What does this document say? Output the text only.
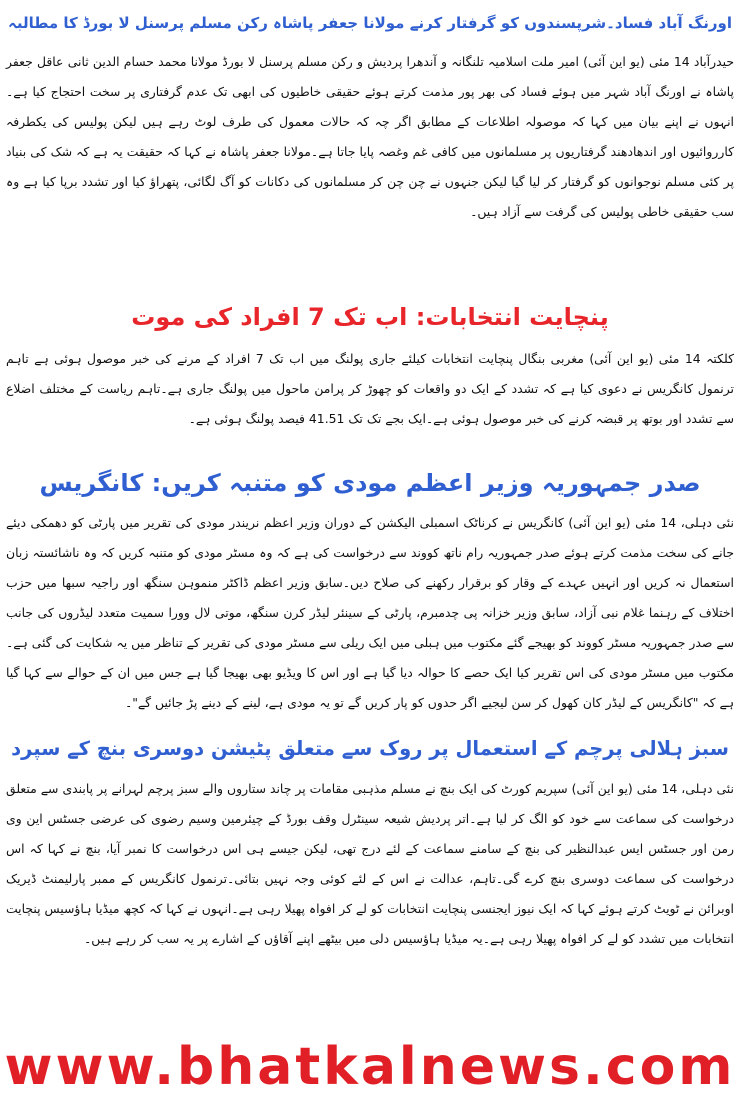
اورنگ آباد فساد۔شرپسندوں کو گرفتار کرنے مولانا جعفر پاشاہ رکن مسلم پرسنل لا بورڈ کا مطالبہ

حیدرآباد 14 مئی (یو این آئی) امیر ملت اسلامیہ تلنگانہ و آندھرا پردیش و رکن مسلم پرسنل لا بورڈ مولانا محمد حسام الدین ثانی عاقل جعفر پاشاہ نے اورنگ آباد شہر میں ہوئے فساد کی بھر پور مذمت کرتے ہوئے حقیقی خاطیوں کی ابھی تک عدم گرفتاری پر سخت احتجاج کیا ہے۔انہوں نے اپنے بیان میں کہا کہ موصولہ اطلاعات کے مطابق اگر چہ کہ حالات معمول کی طرف لوٹ رہے ہیں لیکن پولیس کی یکطرفہ کارروائیوں اور اندھادھند گرفتاریوں پر مسلمانوں میں کافی غم وغصہ پایا جاتا ہے۔مولانا جعفر پاشاہ نے کہا کہ حقیقت یہ ہے کہ شک کی بنیاد پر کئی مسلم نوجوانوں کو گرفتار کر لیا گیا لیکن جنہوں نے چن چن کر مسلمانوں کی دکانات کو آگ لگائی، پتھراؤ کیا اور تشدد برپا کیا ہے وہ سب حقیقی خاطی پولیس کی گرفت سے آزاد ہیں۔

پنچایت انتخابات: اب تک 7 افراد کی موت

کلکتہ 14 مئی (یو این آئی) مغربی بنگال پنچایت انتخابات کیلئے جاری پولنگ میں اب تک 7 افراد کے مرنے کی خبر موصول ہوئی ہے تاہم ترنمول کانگریس نے دعوی کیا ہے کہ تشدد کے ایک دو واقعات کو چھوڑ کر پرامن ماحول میں پولنگ جاری ہے۔تاہم ریاست کے مختلف اضلاع سے تشدد اور بوتھ پر قبضہ کرنے کی خبر موصول ہوئی ہے۔ایک بجے تک تک 41.51 فیصد پولنگ ہوئی ہے۔

صدر جمہوریہ وزیر اعظم مودی کو متنبہ کریں: کانگریس

نئی دہلی، 14 مئی (یو این آئی) کانگریس نے کرناٹک اسمبلی الیکشن کے دوران وزیر اعظم نریندر مودی کی تقریر میں پارٹی کو دھمکی دیئے جانے کی سخت مذمت کرتے ہوئے صدر جمہوریہ رام ناتھ کووند سے درخواست کی ہے کہ وہ مسٹر مودی کو متنبہ کریں کہ وہ ناشائستہ زبان استعمال نہ کریں اور انہیں عہدے کے وقار کو برقرار رکھنے کی صلاح دیں۔سابق وزیر اعظم ڈاکٹر منموہن سنگھ اور راجیہ سبھا میں حزب اختلاف کے رہنما غلام نبی آزاد، سابق وزیر خزانہ پی چدمبرم، پارٹی کے سینئر لیڈر کرن سنگھ، موتی لال وورا سمیت متعدد لیڈروں کی جانب سے صدر جمہوریہ مسٹر کووند کو بھیجے گئے مکتوب میں ہبلی میں ایک ریلی سے مسٹر مودی کی تقریر کے تناظر میں یہ شکایت کی گئی ہے۔مکتوب میں مسٹر مودی کی اس تقریر کیا ایک حصے کا حوالہ دیا گیا ہے اور اس کا ویڈیو بھی بھیجا گیا ہے جس میں ان کے حوالے سے کہا گیا ہے کہ "کانگریس کے لیڈر کان کھول کر سن لیجیے اگر حدوں کو پار کریں گے تو یہ مودی ہے، لینے کے دینے پڑ جائیں گے"۔

سبز ہلالی پرچم کے استعمال پر روک سے متعلق پٹیشن دوسری بنچ کے سپرد

نئی دہلی، 14 مئی (یو این آئی) سپریم کورٹ کی ایک بنچ نے مسلم مذہبی مقامات پر چاند ستاروں والے سبز پرچم لہرانے پر پابندی سے متعلق درخواست کی سماعت سے خود کو الگ کر لیا ہے۔اتر پردیش شیعہ سینٹرل وقف بورڈ کے چیئرمین وسیم رضوی کی عرضی جسٹس این وی رمن اور جسٹس ایس عبدالنظیر کی بنچ کے سامنے سماعت کے لئے درج تھی، لیکن جیسے ہی اس درخواست کا نمبر آیا، بنچ نے کہا کہ اس درخواست کی سماعت دوسری بنچ کرے گی۔تاہم، عدالت نے اس کے لئے کوئی وجہ نہیں بتائی۔ترنمول کانگریس کے ممبر پارلیمنٹ ڈیریک اوبرائن نے ٹویٹ کرتے ہوئے کہا کہ ایک نیوز ایجنسی پنچایت انتخابات کو لے کر افواہ پھیلا رہی ہے۔انہوں نے کہا کہ کچھ میڈیا ہاؤسیس پنچایت انتخابات میں تشدد کو لے کر افواہ پھیلا رہی ہے۔یہ میڈیا ہاؤسیس دلی میں بیٹھے اپنے آقاؤں کے اشارے پر یہ سب کر رہے ہیں۔

www.bhatkalnews.com
